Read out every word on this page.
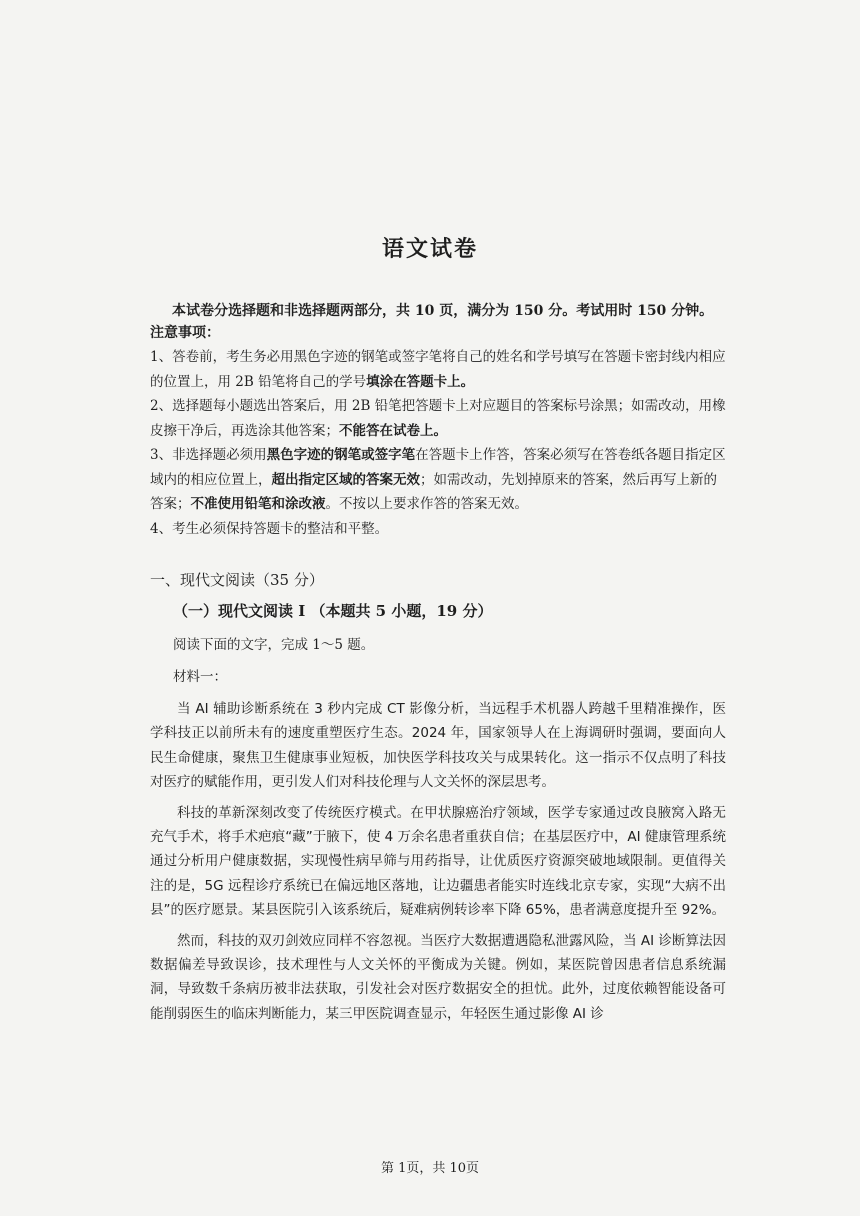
语文试卷
本试卷分选择题和非选择题两部分，共 10 页，满分为 150 分。考试用时 150 分钟。
注意事项：

1、答卷前，考生务必用黑色字迹的钢笔或签字笔将自己的姓名和学号填写在答题卡密封线内相应的位置上，用 2B 铅笔将自己的学号填涂在答题卡上。

2、选择题每小题选出答案后，用 2B 铅笔把答题卡上对应题目的答案标号涂黑；如需改动，用橡皮擦干净后，再选涂其他答案；不能答在试卷上。

3、非选择题必须用黑色字迹的钢笔或签字笔在答题卡上作答，答案必须写在答卷纸各题目指定区域内的相应位置上，超出指定区域的答案无效；如需改动，先划掉原来的答案，然后再写上新的答案；不准使用铅笔和涂改液。不按以上要求作答的答案无效。

4、考生必须保持答题卡的整洁和平整。

一、现代文阅读（35 分）
（一）现代文阅读 I （本题共 5 小题，19 分）
阅读下面的文字，完成 1～5 题。
材料一：

当 AI 辅助诊断系统在 3 秒内完成 CT 影像分析，当远程手术机器人跨越千里精准操作，医学科技正以前所未有的速度重塑医疗生态。2024 年，国家领导人在上海调研时强调，要面向人民生命健康，聚焦卫生健康事业短板，加快医学科技攻关与成果转化。这一指示不仅点明了科技对医疗的赋能作用，更引发人们对科技伦理与人文关怀的深层思考。

科技的革新深刻改变了传统医疗模式。在甲状腺癌治疗领域，医学专家通过改良腋窝入路无充气手术，将手术疤痕“藏”于腋下，使 4 万余名患者重获自信；在基层医疗中，AI 健康管理系统通过分析用户健康数据，实现慢性病早筛与用药指导，让优质医疗资源突破地域限制。更值得关注的是，5G 远程诊疗系统已在偏远地区落地，让边疆患者能实时连线北京专家，实现“大病不出县”的医疗愿景。某县医院引入该系统后，疑难病例转诊率下降 65%，患者满意度提升至 92%。

然而，科技的双刃剑效应同样不容忽视。当医疗大数据遭遇隐私泄露风险，当 AI 诊断算法因数据偏差导致误诊，技术理性与人文关怀的平衡成为关键。例如，某医院曾因患者信息系统漏洞，导致数千条病历被非法获取，引发社会对医疗数据安全的担忧。此外，过度依赖智能设备可能削弱医生的临床判断能力，某三甲医院调查显示，年轻医生通过影像 AI 诊

第 1页，共 10页
